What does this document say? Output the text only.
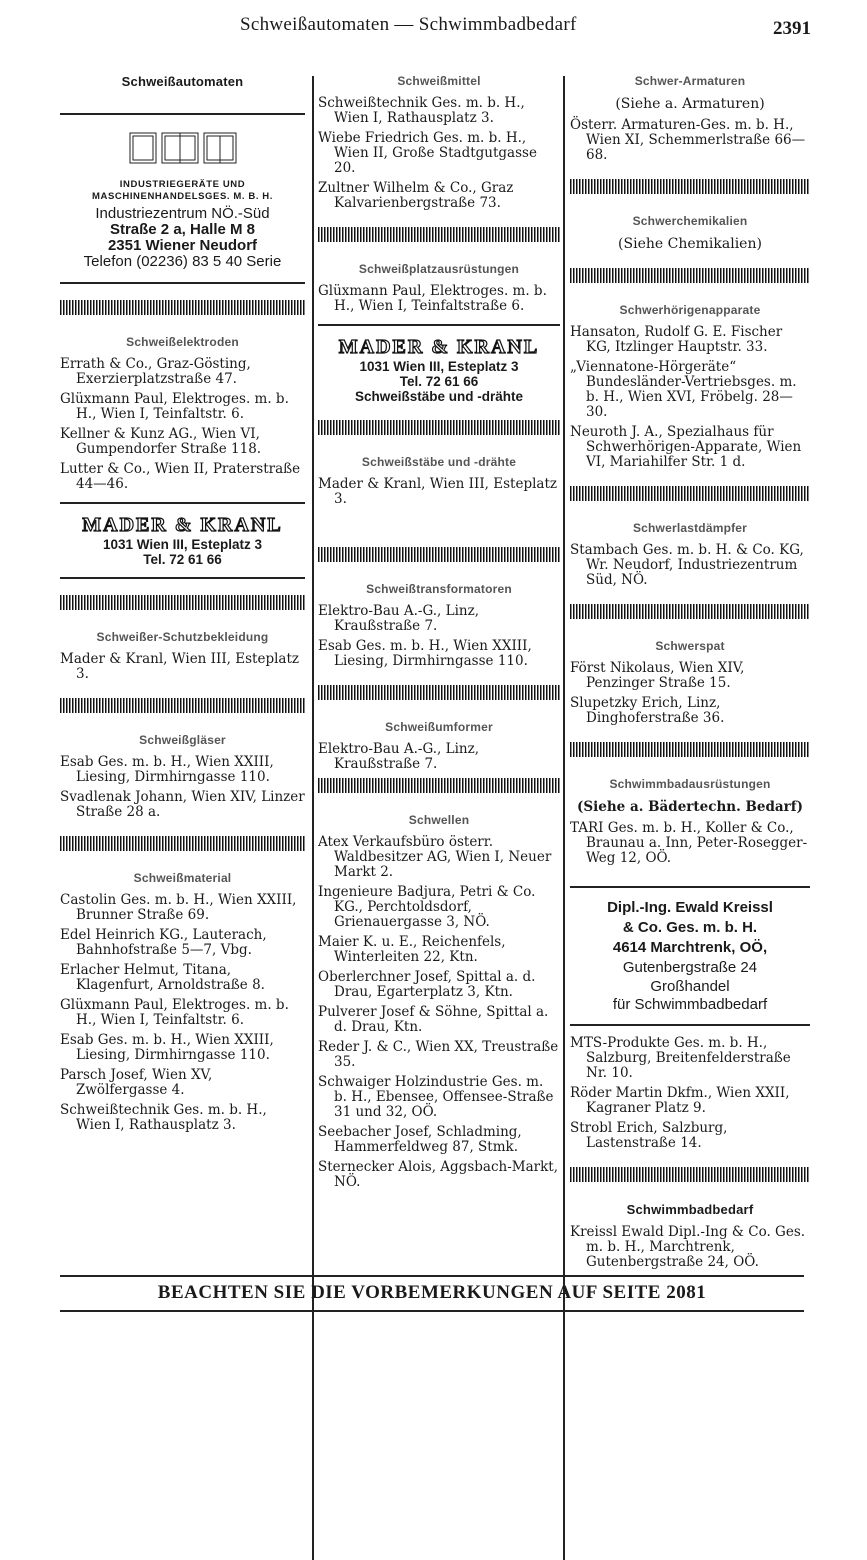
Schweißautomaten — Schwimmbadbedarf	2391
Schweißautomaten
INDUSTRIEGERÄTE UND
MASCHINENHANDELSGES. M. B. H.
Industriezentrum NÖ.-Süd
Straße 2 a, Halle M 8
2351 Wiener Neudorf
Telefon (02236) 83 5 40 Serie
Schweißelektroden

Errath & Co., Graz-Gösting, Exerzierplatzstraße 47.

Glüxmann Paul, Elektroges. m. b. H., Wien I, Teinfaltstr. 6.

Kellner & Kunz AG., Wien VI, Gumpendorfer Straße 118.

Lutter & Co., Wien II, Praterstraße 44—46.

MADER & KRANL
1031 Wien III, Esteplatz 3
Tel. 72 61 66
Schweißer-Schutzbekleidung

Mader & Kranl, Wien III, Esteplatz 3.

Schweißgläser

Esab Ges. m. b. H., Wien XXIII, Liesing, Dirmhirngasse 110.

Svadlenak Johann, Wien XIV, Linzer Straße 28 a.

Schweißmaterial

Castolin Ges. m. b. H., Wien XXIII, Brunner Straße 69.

Edel Heinrich KG., Lauterach, Bahnhofstraße 5—7, Vbg.

Erlacher Helmut, Titana, Klagenfurt, Arnoldstraße 8.

Glüxmann Paul, Elektroges. m. b. H., Wien I, Teinfaltstr. 6.

Esab Ges. m. b. H., Wien XXIII, Liesing, Dirmhirngasse 110.

Parsch Josef, Wien XV, Zwölfergasse 4.

Schweißtechnik Ges. m. b. H., Wien I, Rathausplatz 3.

Schweißmittel

Schweißtechnik Ges. m. b. H., Wien I, Rathausplatz 3.

Wiebe Friedrich Ges. m. b. H., Wien II, Große Stadtgutgasse 20.

Zultner Wilhelm & Co., Graz Kalvarienbergstraße 73.

Schweißplatzausrüstungen

Glüxmann Paul, Elektroges. m. b. H., Wien I, Teinfaltstraße 6.

MADER & KRANL
1031 Wien III, Esteplatz 3
Tel. 72 61 66
Schweißstäbe und -drähte
Schweißstäbe und -drähte

Mader & Kranl, Wien III, Esteplatz 3.

Schweißtransformatoren

Elektro-Bau A.-G., Linz, Kraußstraße 7.

Esab Ges. m. b. H., Wien XXIII, Liesing, Dirmhirngasse 110.

Schweißumformer

Elektro-Bau A.-G., Linz, Kraußstraße 7.

Schwellen

Atex Verkaufsbüro österr. Waldbesitzer AG, Wien I, Neuer Markt 2.

Ingenieure Badjura, Petri & Co. KG., Perchtoldsdorf, Grienauergasse 3, NÖ.

Maier K. u. E., Reichenfels, Winterleiten 22, Ktn.

Oberlerchner Josef, Spittal a. d. Drau, Egarterplatz 3, Ktn.

Pulverer Josef & Söhne, Spittal a. d. Drau, Ktn.

Reder J. & C., Wien XX, Treustraße 35.

Schwaiger Holzindustrie Ges. m. b. H., Ebensee, Offensee-Straße 31 und 32, OÖ.

Seebacher Josef, Schladming, Hammerfeldweg 87, Stmk.

Sternecker Alois, Aggsbach-Markt, NÖ.

Schwer-Armaturen
(Siehe a. Armaturen)

Österr. Armaturen-Ges. m. b. H., Wien XI, Schemmerlstraße 66—68.

Schwerchemikalien
(Siehe Chemikalien)
Schwerhörigenapparate

Hansaton, Rudolf G. E. Fischer KG, Itzlinger Hauptstr. 33.

„Viennatone-Hörgeräte“ Bundesländer-Vertriebsges. m. b. H., Wien XVI, Fröbelg. 28—30.

Neuroth J. A., Spezialhaus für Schwerhörigen-Apparate, Wien VI, Mariahilfer Str. 1 d.

Schwerlastdämpfer

Stambach Ges. m. b. H. & Co. KG, Wr. Neudorf, Industriezentrum Süd, NÖ.

Schwerspat

Först Nikolaus, Wien XIV, Penzinger Straße 15.

Slupetzky Erich, Linz, Dinghoferstraße 36.

Schwimmbadausrüstungen
(Siehe a. Bädertechn. Bedarf)

TARI Ges. m. b. H., Koller & Co., Braunau a. Inn, Peter-Rosegger-Weg 12, OÖ.

Dipl.-Ing. Ewald Kreissl
& Co. Ges. m. b. H.
4614 Marchtrenk, OÖ,
Gutenbergstraße 24
Großhandel
für Schwimmbadbedarf

MTS-Produkte Ges. m. b. H., Salzburg, Breitenfelderstraße Nr. 10.

Röder Martin Dkfm., Wien XXII, Kagraner Platz 9.

Strobl Erich, Salzburg, Lastenstraße 14.

Schwimmbadbedarf

Kreissl Ewald Dipl.-Ing & Co. Ges. m. b. H., Marchtrenk, Gutenbergstraße 24, OÖ.

BEACHTEN SIE DIE VORBEMERKUNGEN AUF SEITE 2081
